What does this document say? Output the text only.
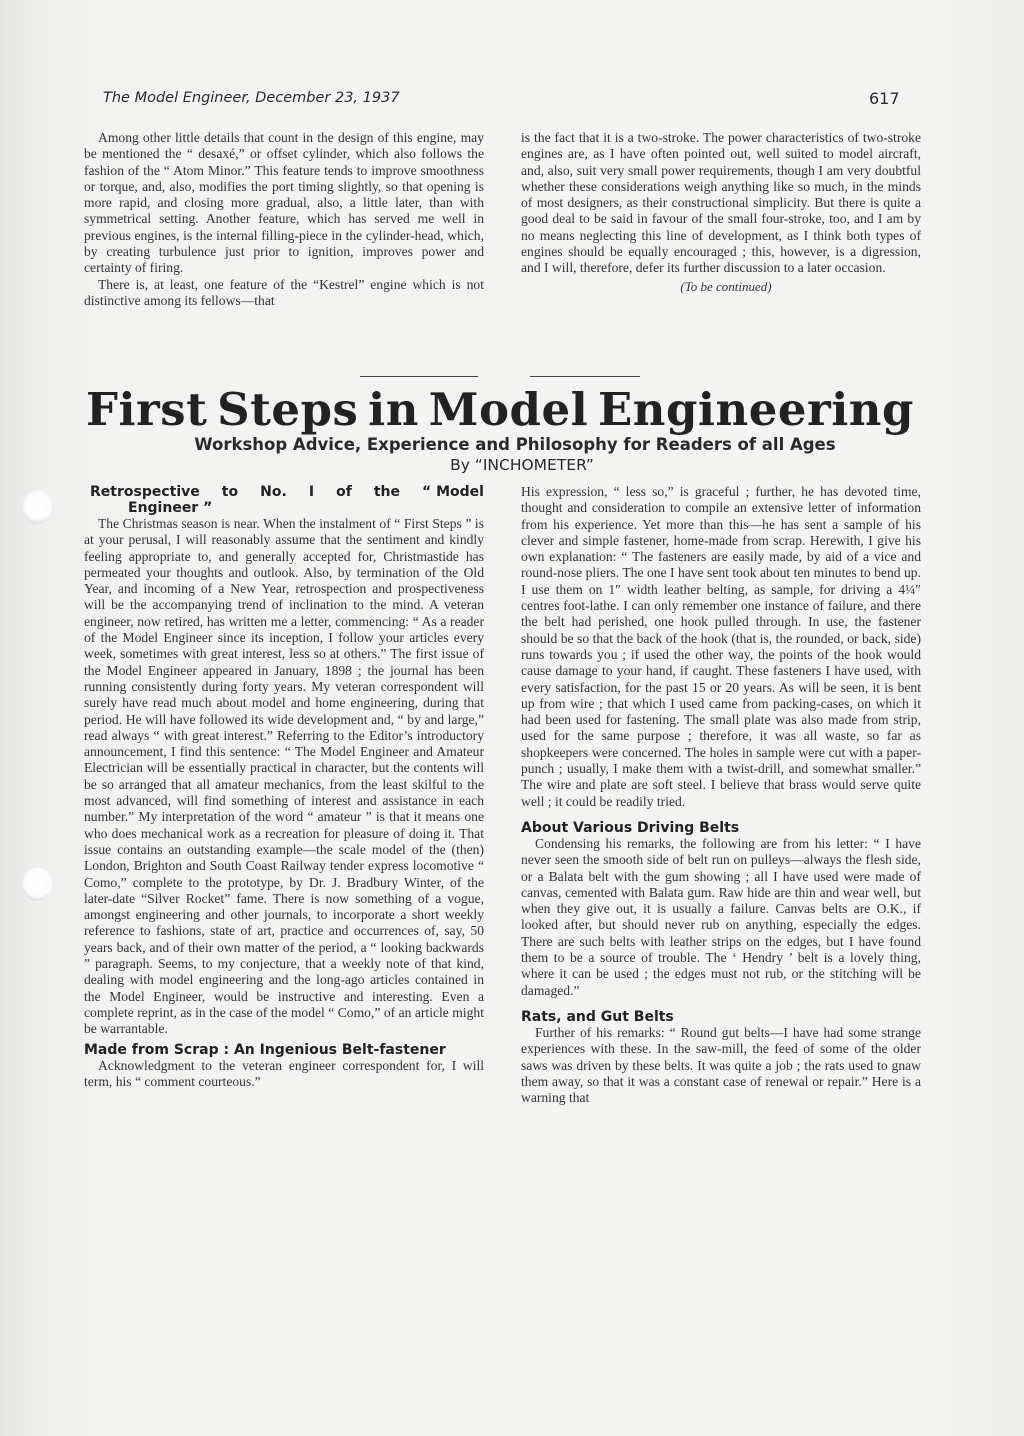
The Model Engineer, December 23, 1937	617

Among other little details that count in the design of this engine, may be mentioned the “ desaxé,” or offset cylinder, which also follows the fashion of the “ Atom Minor.” This feature tends to improve smoothness or torque, and, also, modifies the port timing slightly, so that opening is more rapid, and closing more gradual, also, a little later, than with symmetrical setting. Another feature, which has served me well in previous engines, is the internal filling-piece in the cylinder-head, which, by creating turbulence just prior to ignition, improves power and certainty of firing.

There is, at least, one feature of the “Kestrel” engine which is not distinctive among its fellows—that

is the fact that it is a two-stroke. The power characteristics of two-stroke engines are, as I have often pointed out, well suited to model aircraft, and, also, suit very small power requirements, though I am very doubtful whether these considerations weigh anything like so much, in the minds of most designers, as their constructional simplicity. But there is quite a good deal to be said in favour of the small four-stroke, too, and I am by no means neglecting this line of development, as I think both types of engines should be equally encouraged ; this, however, is a digression, and I will, therefore, defer its further discussion to a later occasion.

(To be continued)
First Steps in Model Engineering
Workshop Advice, Experience and Philosophy for Readers of all Ages
By “INCHOMETER”
Retrospective to No. I of the “ Model
Engineer ”

The Christmas season is near. When the instalment of “ First Steps ” is at your perusal, I will reasonably assume that the sentiment and kindly feeling appropriate to, and generally accepted for, Christmastide has permeated your thoughts and outlook. Also, by termination of the Old Year, and incoming of a New Year, retrospection and prospectiveness will be the accompanying trend of inclination to the mind. A veteran engineer, now retired, has written me a letter, commencing: “ As a reader of the Model Engineer since its inception, I follow your articles every week, sometimes with great interest, less so at others.” The first issue of the Model Engineer appeared in January, 1898 ; the journal has been running consistently during forty years. My veteran correspondent will surely have read much about model and home engineering, during that period. He will have followed its wide development and, “ by and large,” read always “ with great interest.” Referring to the Editor’s introductory announcement, I find this sentence: “ The Model Engineer and Amateur Electrician will be essentially practical in character, but the contents will be so arranged that all amateur mechanics, from the least skilful to the most advanced, will find something of interest and assistance in each number.” My interpretation of the word “ amateur ” is that it means one who does mechanical work as a recreation for pleasure of doing it. That issue contains an outstanding example—the scale model of the (then) London, Brighton and South Coast Railway tender express locomotive “ Como,” complete to the prototype, by Dr. J. Bradbury Winter, of the later-date “Silver Rocket” fame. There is now something of a vogue, amongst engineering and other journals, to incorporate a short weekly reference to fashions, state of art, practice and occurrences of, say, 50 years back, and of their own matter of the period, a “ looking backwards ” paragraph. Seems, to my conjecture, that a weekly note of that kind, dealing with model engineering and the long-ago articles contained in the Model Engineer, would be instructive and interesting. Even a complete reprint, as in the case of the model “ Como,” of an article might be warrantable.

Made from Scrap : An Ingenious Belt-fastener

Acknowledgment to the veteran engineer correspondent for, I will term, his “ comment courteous.”

His expression, “ less so,” is graceful ; further, he has devoted time, thought and consideration to compile an extensive letter of information from his experience. Yet more than this—he has sent a sample of his clever and simple fastener, home-made from scrap. Herewith, I give his own explanation: “ The fasteners are easily made, by aid of a vice and round-nose pliers. The one I have sent took about ten minutes to bend up. I use them on 1″ width leather belting, as sample, for driving a 4¼″ centres foot-lathe. I can only remember one instance of failure, and there the belt had perished, one hook pulled through. In use, the fastener should be so that the back of the hook (that is, the rounded, or back, side) runs towards you ; if used the other way, the points of the hook would cause damage to your hand, if caught. These fasteners I have used, with every satisfaction, for the past 15 or 20 years. As will be seen, it is bent up from wire ; that which I used came from packing-cases, on which it had been used for fastening. The small plate was also made from strip, used for the same purpose ; therefore, it was all waste, so far as shopkeepers were concerned. The holes in sample were cut with a paper-punch ; usually, I make them with a twist-drill, and somewhat smaller.” The wire and plate are soft steel. I believe that brass would serve quite well ; it could be readily tried.

About Various Driving Belts

Condensing his remarks, the following are from his letter: “ I have never seen the smooth side of belt run on pulleys—always the flesh side, or a Balata belt with the gum showing ; all I have used were made of canvas, cemented with Balata gum. Raw hide are thin and wear well, but when they give out, it is usually a failure. Canvas belts are O.K., if looked after, but should never rub on anything, especially the edges. There are such belts with leather strips on the edges, but I have found them to be a source of trouble. The ‘ Hendry ’ belt is a lovely thing, where it can be used ; the edges must not rub, or the stitching will be damaged.”

Rats, and Gut Belts

Further of his remarks: “ Round gut belts—I have had some strange experiences with these. In the saw-mill, the feed of some of the older saws was driven by these belts. It was quite a job ; the rats used to gnaw them away, so that it was a constant case of renewal or repair.” Here is a warning that
